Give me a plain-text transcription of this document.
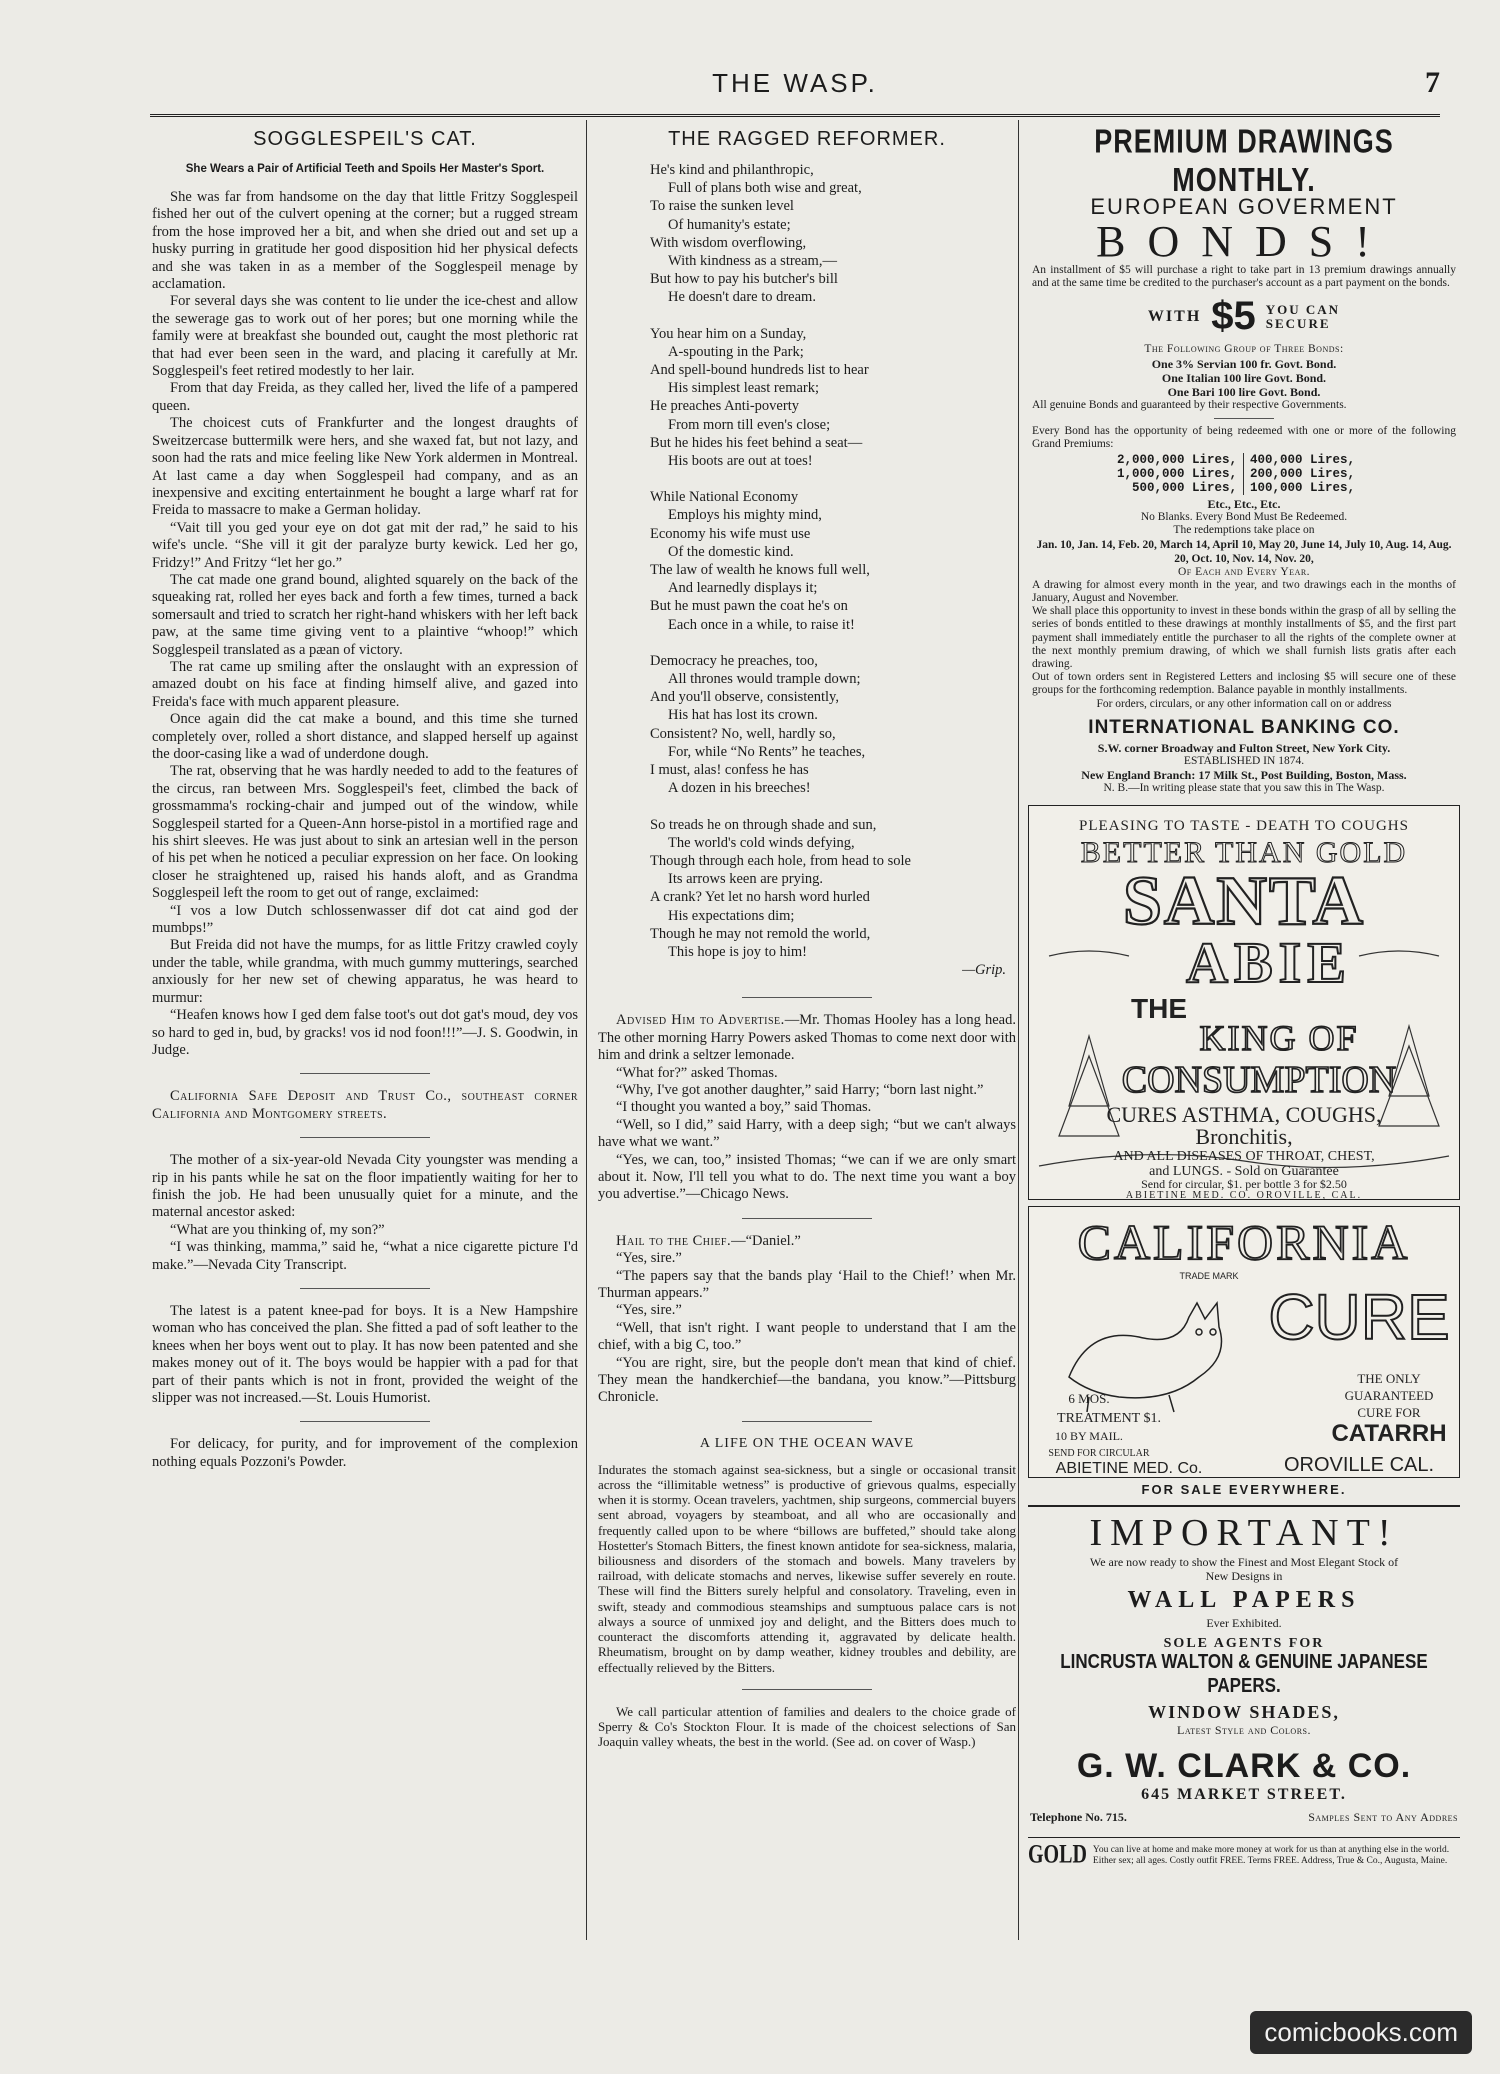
THE WASP.	7
SOGGLESPEIL'S CAT.
She Wears a Pair of Artificial Teeth and Spoils Her Master's Sport.

She was far from handsome on the day that little Fritzy Sogglespeil fished her out of the culvert opening at the corner; but a rugged stream from the hose improved her a bit, and when she dried out and set up a husky purring in gratitude her good disposition hid her physical defects and she was taken in as a member of the Sogglespeil menage by acclamation.

For several days she was content to lie under the ice-chest and allow the sewerage gas to work out of her pores; but one morning while the family were at breakfast she bounded out, caught the most plethoric rat that had ever been seen in the ward, and placing it carefully at Mr. Sogglespeil's feet retired modestly to her lair.

From that day Freida, as they called her, lived the life of a pampered queen.

The choicest cuts of Frankfurter and the longest draughts of Sweitzercase buttermilk were hers, and she waxed fat, but not lazy, and soon had the rats and mice feeling like New York aldermen in Montreal. At last came a day when Sogglespeil had company, and as an inexpensive and exciting entertainment he bought a large wharf rat for Freida to massacre to make a German holiday.

“Vait till you ged your eye on dot gat mit der rad,” he said to his wife's uncle. “She vill it git der paralyze burty kewick. Led her go, Fridzy!” And Fritzy “let her go.”

The cat made one grand bound, alighted squarely on the back of the squeaking rat, rolled her eyes back and forth a few times, turned a back somersault and tried to scratch her right-hand whiskers with her left back paw, at the same time giving vent to a plaintive “whoop!” which Sogglespeil translated as a pæan of victory.

The rat came up smiling after the onslaught with an expression of amazed doubt on his face at finding himself alive, and gazed into Freida's face with much apparent pleasure.

Once again did the cat make a bound, and this time she turned completely over, rolled a short distance, and slapped herself up against the door-casing like a wad of underdone dough.

The rat, observing that he was hardly needed to add to the features of the circus, ran between Mrs. Sogglespeil's feet, climbed the back of grossmamma's rocking-chair and jumped out of the window, while Sogglespeil started for a Queen-Ann horse-pistol in a mortified rage and his shirt sleeves. He was just about to sink an artesian well in the person of his pet when he noticed a peculiar expression on her face. On looking closer he straightened up, raised his hands aloft, and as Grandma Sogglespeil left the room to get out of range, exclaimed:

“I vos a low Dutch schlossenwasser dif dot cat aind god der mumbps!”

But Freida did not have the mumps, for as little Fritzy crawled coyly under the table, while grandma, with much gummy mutterings, searched anxiously for her new set of chewing apparatus, he was heard to murmur:

“Heafen knows how I ged dem false toot's out dot gat's moud, dey vos so hard to ged in, bud, by gracks! vos id nod foon!!!”—J. S. Goodwin, in Judge.

California Safe Deposit and Trust Co., southeast corner California and Montgomery streets.

The mother of a six-year-old Nevada City youngster was mending a rip in his pants while he sat on the floor impatiently waiting for her to finish the job. He had been unusually quiet for a minute, and the maternal ancestor asked:

“What are you thinking of, my son?”

“I was thinking, mamma,” said he, “what a nice cigarette picture I'd make.”—Nevada City Transcript.

The latest is a patent knee-pad for boys. It is a New Hampshire woman who has conceived the plan. She fitted a pad of soft leather to the knees when her boys went out to play. It has now been patented and she makes money out of it. The boys would be happier with a pad for that part of their pants which is not in front, provided the weight of the slipper was not increased.—St. Louis Humorist.

For delicacy, for purity, and for improvement of the complexion nothing equals Pozzoni's Powder.

THE RAGGED REFORMER.
He's kind and philanthropic,
Full of plans both wise and great,
To raise the sunken level
Of humanity's estate;
With wisdom overflowing,
With kindness as a stream,—
But how to pay his butcher's bill
He doesn't dare to dream.
You hear him on a Sunday,
A-spouting in the Park;
And spell-bound hundreds list to hear
His simplest least remark;
He preaches Anti-poverty
From morn till even's close;
But he hides his feet behind a seat—
His boots are out at toes!
While National Economy
Employs his mighty mind,
Economy his wife must use
Of the domestic kind.
The law of wealth he knows full well,
And learnedly displays it;
But he must pawn the coat he's on
Each once in a while, to raise it!
Democracy he preaches, too,
All thrones would trample down;
And you'll observe, consistently,
His hat has lost its crown.
Consistent? No, well, hardly so,
For, while “No Rents” he teaches,
I must, alas! confess he has
A dozen in his breeches!
So treads he on through shade and sun,
The world's cold winds defying,
Though through each hole, from head to sole
Its arrows keen are prying.
A crank? Yet let no harsh word hurled
His expectations dim;
Though he may not remold the world,
This hope is joy to him!
—Grip.

Advised Him to Advertise.—Mr. Thomas Hooley has a long head. The other morning Harry Powers asked Thomas to come next door with him and drink a seltzer lemonade.

“What for?” asked Thomas.

“Why, I've got another daughter,” said Harry; “born last night.”

“I thought you wanted a boy,” said Thomas.

“Well, so I did,” said Harry, with a deep sigh; “but we can't always have what we want.”

“Yes, we can, too,” insisted Thomas; “we can if we are only smart about it. Now, I'll tell you what to do. The next time you want a boy you advertise.”—Chicago News.

Hail to the Chief.—“Daniel.”

“Yes, sire.”

“The papers say that the bands play ‘Hail to the Chief!’ when Mr. Thurman appears.”

“Yes, sire.”

“Well, that isn't right. I want people to understand that I am the chief, with a big C, too.”

“You are right, sire, but the people don't mean that kind of chief. They mean the handkerchief—the bandana, you know.”—Pittsburg Chronicle.

A LIFE ON THE OCEAN WAVE

Indurates the stomach against sea-sickness, but a single or occasional transit across the “illimitable wetness” is productive of grievous qualms, especially when it is stormy. Ocean travelers, yachtmen, ship surgeons, commercial buyers sent abroad, voyagers by steamboat, and all who are occasionally and frequently called upon to be where “billows are buffeted,” should take along Hostetter's Stomach Bitters, the finest known antidote for sea-sickness, malaria, biliousness and disorders of the stomach and bowels. Many travelers by railroad, with delicate stomachs and nerves, likewise suffer severely en route. These will find the Bitters surely helpful and consolatory. Traveling, even in swift, steady and commodious steamships and sumptuous palace cars is not always a source of unmixed joy and delight, and the Bitters does much to counteract the discomforts attending it, aggravated by delicate health. Rheumatism, brought on by damp weather, kidney troubles and debility, are effectually relieved by the Bitters.

We call particular attention of families and dealers to the choice grade of Sperry & Co's Stockton Flour. It is made of the choicest selections of San Joaquin valley wheats, the best in the world. (See ad. on cover of Wasp.)

PREMIUM DRAWINGS MONTHLY.
EUROPEAN GOVERMENT
BONDS!
An installment of $5 will purchase a right to take part in 13 premium drawings annually and at the same time be credited to the purchaser's account as a part payment on the bonds.
WITH $5 YOU CAN
SECURE
The Following Group of Three Bonds:
One 3% Servian 100 fr. Govt. Bond.
One Italian 100 lire Govt. Bond.
One Bari 100 lire Govt. Bond.
All genuine Bonds and guaranteed by their respective Governments.
Every Bond has the opportunity of being redeemed with one or more of the following Grand Premiums:
2,000,000 Lires,	400,000 Lires,
1,000,000 Lires,	200,000 Lires,
500,000 Lires,	100,000 Lires,
Etc., Etc., Etc.
No Blanks. Every Bond Must Be Redeemed.
The redemptions take place on
Jan. 10, Jan. 14, Feb. 20, March 14, April 10, May 20, June 14, July 10, Aug. 14, Aug. 20, Oct. 10, Nov. 14, Nov. 20,
Of Each and Every Year.
A drawing for almost every month in the year, and two drawings each in the months of January, August and November.
We shall place this opportunity to invest in these bonds within the grasp of all by selling the series of bonds entitled to these drawings at monthly installments of $5, and the first part payment shall immediately entitle the purchaser to all the rights of the complete owner at the next monthly premium drawing, of which we shall furnish lists gratis after each drawing.
Out of town orders sent in Registered Letters and inclosing $5 will secure one of these groups for the forthcoming redemption. Balance payable in monthly installments.
For orders, circulars, or any other information call on or address
INTERNATIONAL BANKING CO.
S.W. corner Broadway and Fulton Street, New York City.
ESTABLISHED IN 1874.
New England Branch: 17 Milk St., Post Building, Boston, Mass.
N. B.—In writing please state that you saw this in The Wasp.
PLEASING TO TASTE - DEATH TO COUGHS
BETTER THAN GOLD
SANTA
ABIE
THE
KING OF
CONSUMPTION
CURES ASTHMA, COUGHS,
Bronchitis,
AND ALL DISEASES OF THROAT, CHEST,
and LUNGS. - Sold on Guarantee
Send for circular, $1. per bottle 3 for $2.50
ABIETINE MED. CO. OROVILLE, CAL.
CALIFORNIA
TRADE MARK
CURE
6 MOS.
TREATMENT $1.
10 BY MAIL.
SEND FOR CIRCULAR
THE ONLY
GUARANTEED
CURE FOR
CATARRH
ABIETINE MED. Co.	OROVILLE CAL.
FOR SALE EVERYWHERE.
IMPORTANT!
We are now ready to show the Finest and Most Elegant Stock of
New Designs in
WALL PAPERS
Ever Exhibited.
SOLE AGENTS FOR
LINCRUSTA WALTON & GENUINE JAPANESE PAPERS.
WINDOW SHADES,
Latest Style and Colors.
G. W. CLARK & CO.
645 MARKET STREET.
Telephone No. 715.	Samples Sent to Any Addres
GOLD You can live at home and make more money at work for us than at anything else in the world. Either sex; all ages. Costly outfit FREE. Terms FREE. Address, True & Co., Augusta, Maine.
comicbooks.com
